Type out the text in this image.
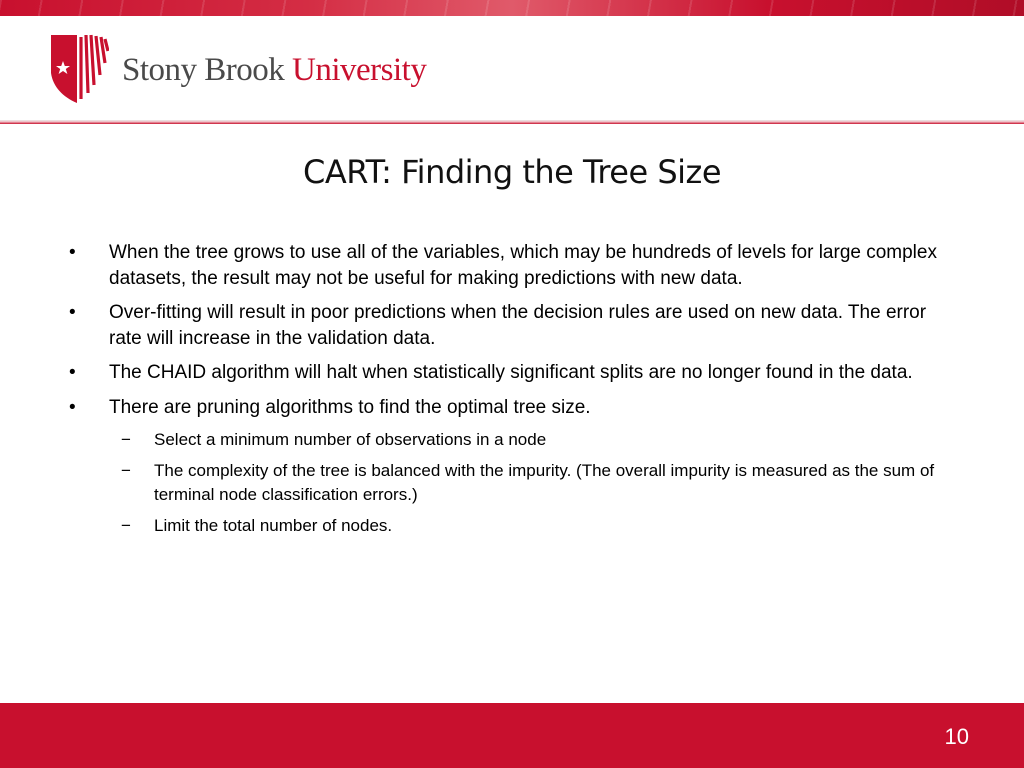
Stony Brook University
CART: Finding the Tree Size
• When the tree grows to use all of the variables, which may be hundreds of levels for large complex datasets, the result may not be useful for making predictions with new data.
• Over-fitting will result in poor predictions when the decision rules are used on new data. The error rate will increase in the validation data.
• The CHAID algorithm will halt when statistically significant splits are no longer found in the data.
• There are pruning algorithms to find the optimal tree size.
− Select a minimum number of observations in a node
− The complexity of the tree is balanced with the impurity. (The overall impurity is measured as the sum of terminal node classification errors.)
− Limit the total number of nodes.
10
